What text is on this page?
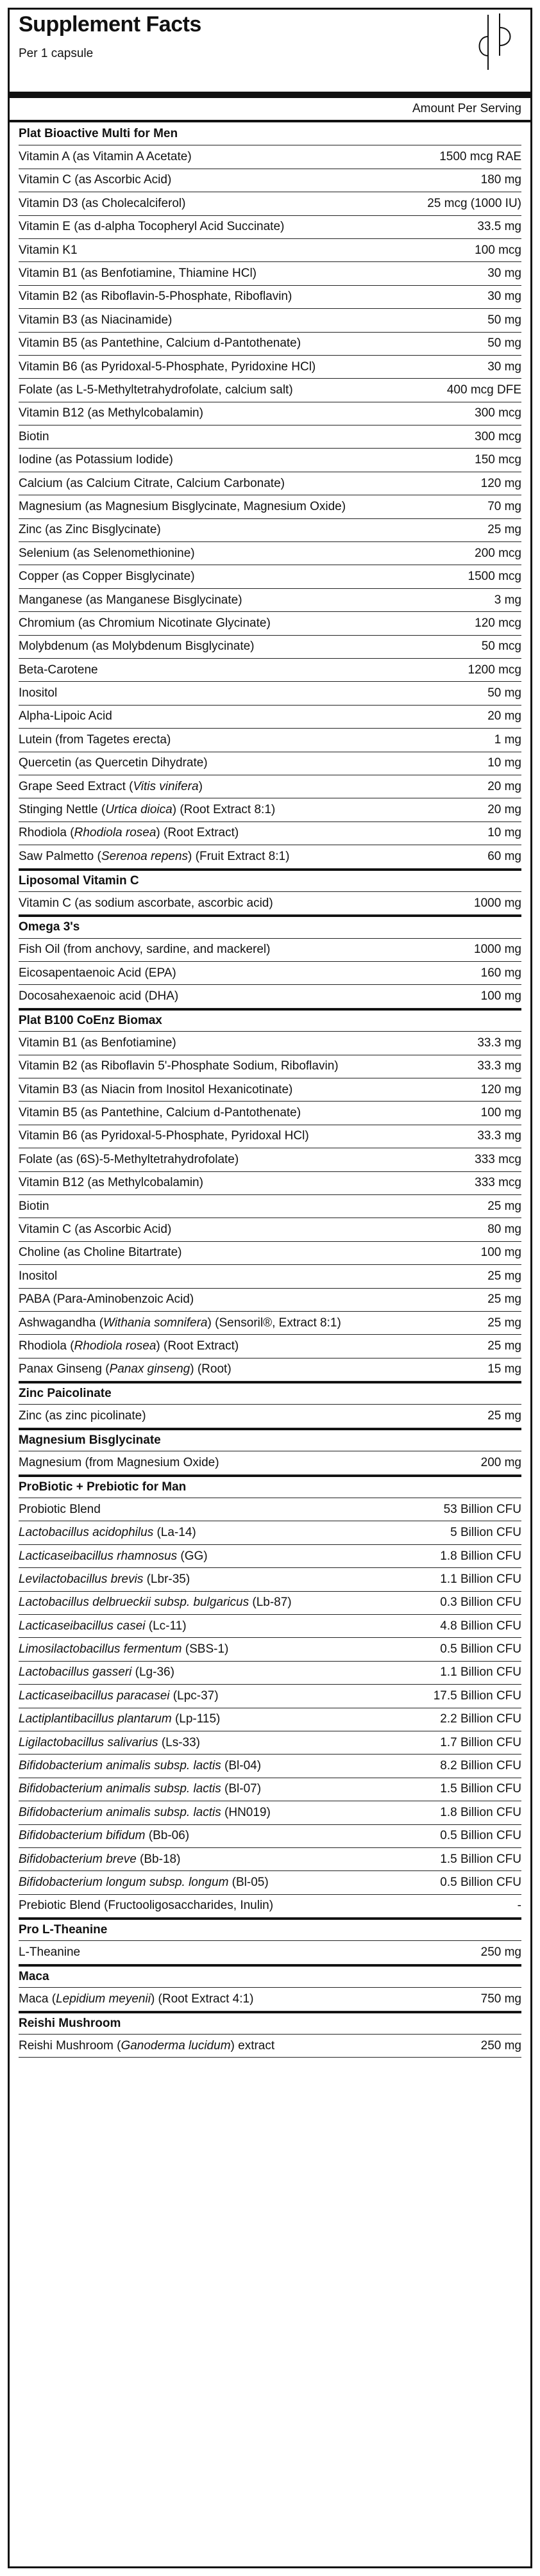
Supplement Facts
Per 1 capsule
Amount Per Serving
Plat Bioactive Multi for Men
Vitamin A (as Vitamin A Acetate)	1500 mcg RAE
Vitamin C (as Ascorbic Acid)	180 mg
Vitamin D3 (as Cholecalciferol)	25 mcg (1000 IU)
Vitamin E (as d-alpha Tocopheryl Acid Succinate)	33.5 mg
Vitamin K1	100 mcg
Vitamin B1 (as Benfotiamine, Thiamine HCl)	30 mg
Vitamin B2 (as Riboflavin-5-Phosphate, Riboflavin)	30 mg
Vitamin B3 (as Niacinamide)	50 mg
Vitamin B5 (as Pantethine, Calcium d-Pantothenate)	50 mg
Vitamin B6 (as Pyridoxal-5-Phosphate, Pyridoxine HCl)	30 mg
Folate (as L-5-Methyltetrahydrofolate, calcium salt)	400 mcg DFE
Vitamin B12 (as Methylcobalamin)	300 mcg
Biotin	300 mcg
Iodine (as Potassium Iodide)	150 mcg
Calcium (as Calcium Citrate, Calcium Carbonate)	120 mg
Magnesium (as Magnesium Bisglycinate, Magnesium Oxide)	70 mg
Zinc (as Zinc Bisglycinate)	25 mg
Selenium (as Selenomethionine)	200 mcg
Copper (as Copper Bisglycinate)	1500 mcg
Manganese (as Manganese Bisglycinate)	3 mg
Chromium (as Chromium Nicotinate Glycinate)	120 mcg
Molybdenum (as Molybdenum Bisglycinate)	50 mcg
Beta-Carotene	1200 mcg
Inositol	50 mg
Alpha-Lipoic Acid	20 mg
Lutein (from Tagetes erecta)	1 mg
Quercetin (as Quercetin Dihydrate)	10 mg
Grape Seed Extract (Vitis vinifera)	20 mg
Stinging Nettle (Urtica dioica) (Root Extract 8:1)	20 mg
Rhodiola (Rhodiola rosea) (Root Extract)	10 mg
Saw Palmetto (Serenoa repens) (Fruit Extract 8:1)	60 mg
Liposomal Vitamin C
Vitamin C (as sodium ascorbate, ascorbic acid)	1000 mg
Omega 3's
Fish Oil (from anchovy, sardine, and mackerel)	1000 mg
Eicosapentaenoic Acid (EPA)	160 mg
Docosahexaenoic acid (DHA)	100 mg
Plat B100 CoEnz Biomax
Vitamin B1 (as Benfotiamine)	33.3 mg
Vitamin B2 (as Riboflavin 5'-Phosphate Sodium, Riboflavin)	33.3 mg
Vitamin B3 (as Niacin from Inositol Hexanicotinate)	120 mg
Vitamin B5 (as Pantethine, Calcium d-Pantothenate)	100 mg
Vitamin B6 (as Pyridoxal-5-Phosphate, Pyridoxal HCl)	33.3 mg
Folate (as (6S)-5-Methyltetrahydrofolate)	333 mcg
Vitamin B12 (as Methylcobalamin)	333 mcg
Biotin	25 mg
Vitamin C (as Ascorbic Acid)	80 mg
Choline (as Choline Bitartrate)	100 mg
Inositol	25 mg
PABA (Para-Aminobenzoic Acid)	25 mg
Ashwagandha (Withania somnifera) (Sensoril®, Extract 8:1)	25 mg
Rhodiola (Rhodiola rosea) (Root Extract)	25 mg
Panax Ginseng (Panax ginseng) (Root)	15 mg
Zinc Paicolinate
Zinc (as zinc picolinate)	25 mg
Magnesium Bisglycinate
Magnesium (from Magnesium Oxide)	200 mg
ProBiotic + Prebiotic for Man
Probiotic Blend	53 Billion CFU
Lactobacillus acidophilus (La-14)	5 Billion CFU
Lacticaseibacillus rhamnosus (GG)	1.8 Billion CFU
Levilactobacillus brevis (Lbr-35)	1.1 Billion CFU
Lactobacillus delbrueckii subsp. bulgaricus (Lb-87)	0.3 Billion CFU
Lacticaseibacillus casei (Lc-11)	4.8 Billion CFU
Limosilactobacillus fermentum (SBS-1)	0.5 Billion CFU
Lactobacillus gasseri (Lg-36)	1.1 Billion CFU
Lacticaseibacillus paracasei (Lpc-37)	17.5 Billion CFU
Lactiplantibacillus plantarum (Lp-115)	2.2 Billion CFU
Ligilactobacillus salivarius (Ls-33)	1.7 Billion CFU
Bifidobacterium animalis subsp. lactis (Bl-04)	8.2 Billion CFU
Bifidobacterium animalis subsp. lactis (Bl-07)	1.5 Billion CFU
Bifidobacterium animalis subsp. lactis (HN019)	1.8 Billion CFU
Bifidobacterium bifidum (Bb-06)	0.5 Billion CFU
Bifidobacterium breve (Bb-18)	1.5 Billion CFU
Bifidobacterium longum subsp. longum (Bl-05)	0.5 Billion CFU
Prebiotic Blend (Fructooligosaccharides, Inulin)	-
Pro L-Theanine
L-Theanine	250 mg
Maca
Maca (Lepidium meyenii) (Root Extract 4:1)	750 mg
Reishi Mushroom
Reishi Mushroom (Ganoderma lucidum) extract	250 mg
